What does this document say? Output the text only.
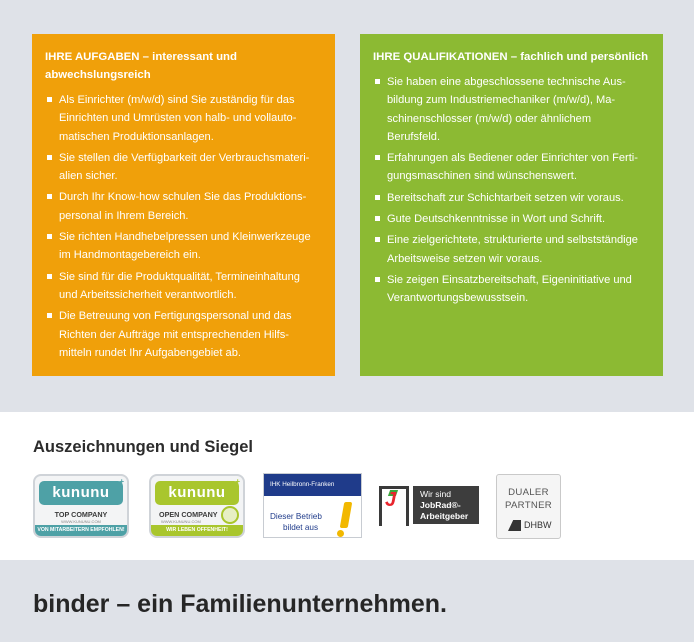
IHRE AUFGABEN – interessant und
abwechslungsreich
Als Einrichter (m/w/d) sind Sie zuständig für das
Einrichten und Umrüsten von halb- und vollauto-
matischen Produktionsanlagen.
Sie stellen die Verfügbarkeit der Verbrauchsmateri-
alien sicher.
Durch Ihr Know-how schulen Sie das Produktions-
personal in Ihrem Bereich.
Sie richten Handhebelpressen und Kleinwerkzeuge
im Handmontagebereich ein.
Sie sind für die Produktqualität, Termineinhaltung
und Arbeitssicherheit verantwortlich.
Die Betreuung von Fertigungspersonal und das
Richten der Aufträge mit entsprechenden Hilfs-
mitteln rundet Ihr Aufgabengebiet ab.
IHRE QUALIFIKATIONEN – fachlich und persönlich
Sie haben eine abgeschlossene technische Aus-
bildung zum Industriemechaniker (m/w/d), Ma-
schinenschlosser (m/w/d) oder ähnlichem
Berufsfeld.
Erfahrungen als Bediener oder Einrichter von Ferti-
gungsmaschinen sind wünschenswert.
Bereitschaft zur Schichtarbeit setzen wir voraus.
Gute Deutschkenntnisse in Wort und Schrift.
Eine zielgerichtete, strukturierte und selbstständige
Arbeitsweise setzen wir voraus.
Sie zeigen Einsatzbereitschaft, Eigeninitiative und
Verantwortungsbewusstsein.
Auszeichnungen und Siegel
kununu
+
TOP COMPANY
WWW.KUNUNU.COM
VON MITARBEITERN EMPFOHLEN!
kununu
+
OPEN COMPANY
WWW.KUNUNU.COM
WIR LEBEN OFFENHEIT!
IHK Heilbronn-Franken
Dieser Betrieb
bildet aus
J	Wir sind
JobRad®-
Arbeitgeber
DUALER
PARTNER
DHBW
binder – ein Familienunternehmen.
